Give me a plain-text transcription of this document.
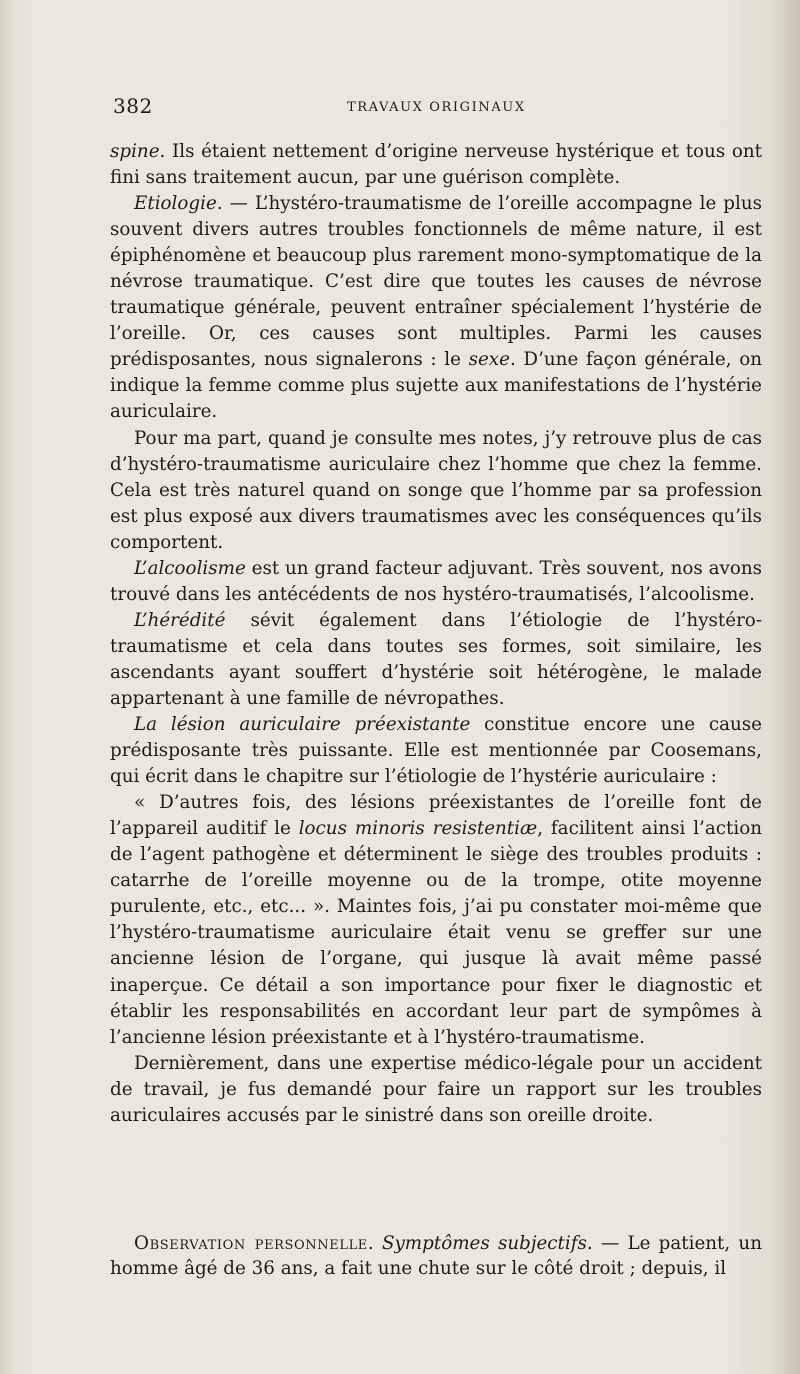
382	TRAVAUX ORIGINAUX

spine. Ils étaient nettement d’origine nerveuse hystérique et tous ont fini sans traitement aucun, par une guérison complète.

Etiologie. — L’hystéro-traumatisme de l’oreille accompagne le plus souvent divers autres troubles fonctionnels de même nature, il est épiphénomène et beaucoup plus rarement mono-symptomatique de la névrose traumatique. C’est dire que toutes les causes de névrose traumatique générale, peuvent entraîner spécialement l’hystérie de l’oreille. Or, ces causes sont multiples. Parmi les causes prédisposantes, nous signalerons : le sexe. D’une façon générale, on indique la femme comme plus sujette aux manifestations de l’hystérie auriculaire.

Pour ma part, quand je consulte mes notes, j’y retrouve plus de cas d’hystéro-traumatisme auriculaire chez l’homme que chez la femme. Cela est très naturel quand on songe que l’homme par sa profession est plus exposé aux divers traumatismes avec les conséquences qu’ils comportent.

L’alcoolisme est un grand facteur adjuvant. Très souvent, nos avons trouvé dans les antécédents de nos hystéro-traumatisés, l’alcoolisme.

L’hérédité sévit également dans l’étiologie de l’hystéro-traumatisme et cela dans toutes ses formes, soit similaire, les ascendants ayant souffert d’hystérie soit hétérogène, le malade appartenant à une famille de névropathes.

La lésion auriculaire préexistante constitue encore une cause prédisposante très puissante. Elle est mentionnée par Coosemans, qui écrit dans le chapitre sur l’étiologie de l’hystérie auriculaire :

« D’autres fois, des lésions préexistantes de l’oreille font de l’appareil auditif le locus minoris resistentiæ, facilitent ainsi l’action de l’agent pathogène et déterminent le siège des troubles produits : catarrhe de l’oreille moyenne ou de la trompe, otite moyenne purulente, etc., etc... ». Maintes fois, j’ai pu constater moi-même que l’hystéro-traumatisme auriculaire était venu se greffer sur une ancienne lésion de l’organe, qui jusque là avait même passé inaperçue. Ce détail a son importance pour fixer le diagnostic et établir les responsabilités en accordant leur part de sympômes à l’ancienne lésion préexistante et à l’hystéro-traumatisme.

Dernièrement, dans une expertise médico-légale pour un accident de travail, je fus demandé pour faire un rapport sur les troubles auriculaires accusés par le sinistré dans son oreille droite.

Observation personnelle. Symptômes subjectifs. — Le patient, un homme âgé de 36 ans, a fait une chute sur le côté droit ; depuis, il
